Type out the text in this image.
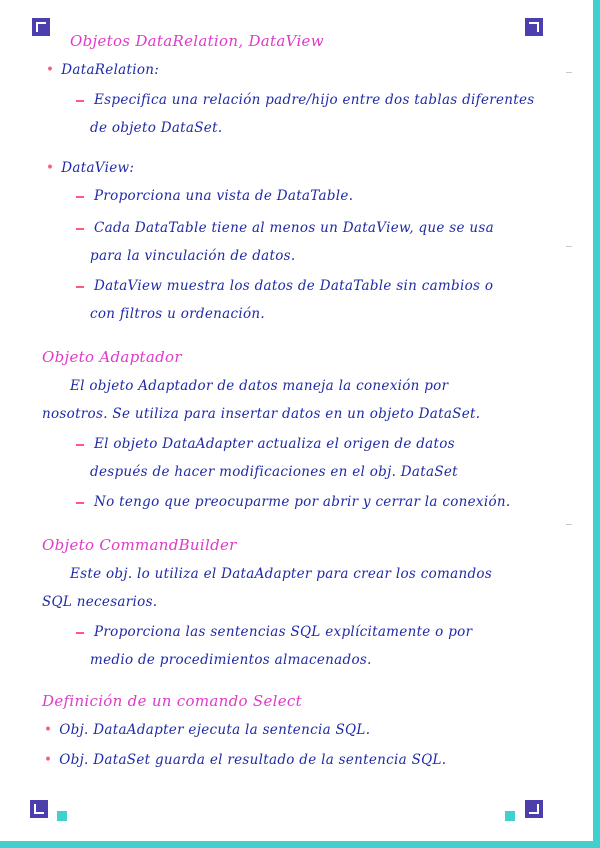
Objetos DataRelation, DataView
• DataRelation:
Especifica una relación padre/hijo entre dos tablas diferentes
de objeto DataSet.
• DataView:
Proporciona una vista de DataTable.
Cada DataTable tiene al menos un DataView, que se usa
para la vinculación de datos.
DataView muestra los datos de DataTable sin cambios o
con filtros u ordenación.
Objeto Adaptador
El objeto Adaptador de datos maneja la conexión por
nosotros. Se utiliza para insertar datos en un objeto DataSet.
El objeto DataAdapter actualiza el origen de datos
después de hacer modificaciones en el obj. DataSet
No tengo que preocuparme por abrir y cerrar la conexión.
Objeto CommandBuilder
Este obj. lo utiliza el DataAdapter para crear los comandos
SQL necesarios.
Proporciona las sentencias SQL explícitamente o por
medio de procedimientos almacenados.
Definición de un comando Select
• Obj. DataAdapter ejecuta la sentencia SQL.
• Obj. DataSet guarda el resultado de la sentencia SQL.
